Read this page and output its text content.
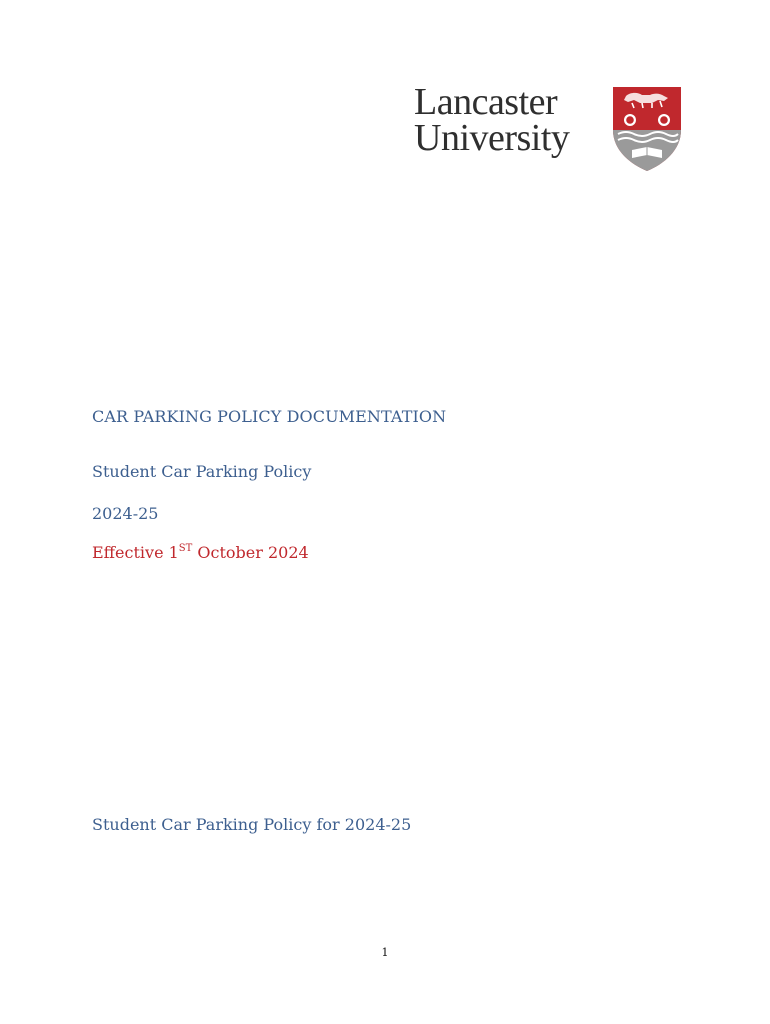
Lancaster
University
CAR PARKING POLICY DOCUMENTATION
Student Car Parking Policy
2024-25
Effective 1ST October 2024
Student Car Parking Policy for 2024-25
1
